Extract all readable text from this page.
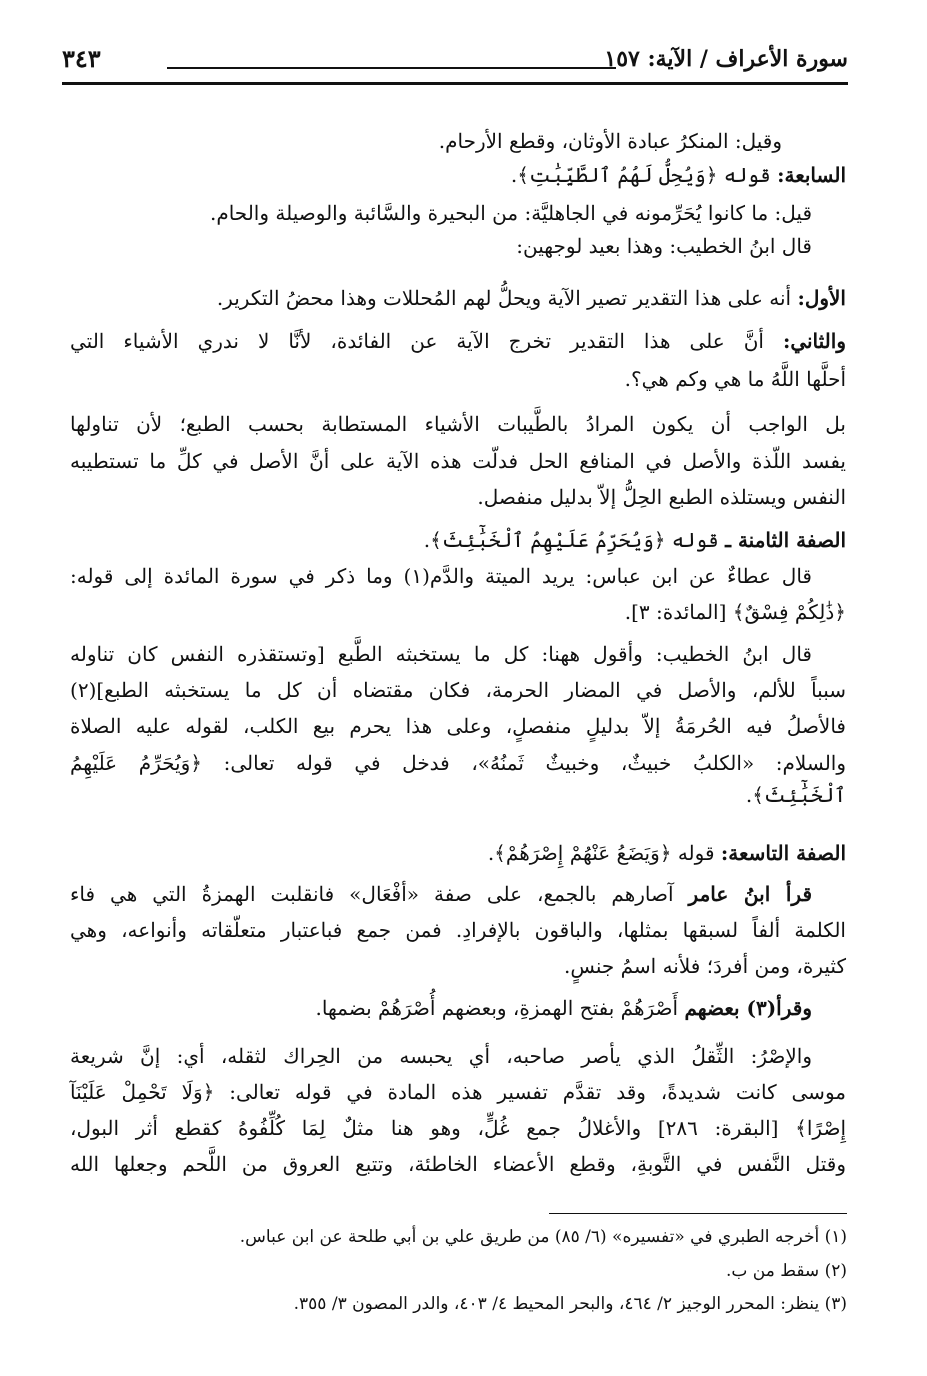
سورة الأعراف / الآية: ١٥٧
٣٤٣
وقيل: المنكرُ عبادة الأوثان، وقطع الأرحام.
السابعة: قوله ﴿وَيُحِلُّ لَهُمُ ٱلطَّيِّبَٰتِ﴾.
قيل: ما كانوا يُحَرِّمونه في الجاهليَّة: من البحيرة والسَّائبة والوصيلة والحام.
قال ابنُ الخطيب: وهذا بعيد لوجهين:
الأول: أنه على هذا التقدير تصير الآية ويحلُّ لهم المُحللات وهذا محضُ التكرير.
والثاني: أنَّ على هذا التقدير تخرج الآية عن الفائدة، لأنَّا لا ندري الأشياء التي
أحلَّها اللَّهُ ما هي وكم هي؟.
بل الواجب أن يكون المرادُ بالطَّيبات الأشياء المستطابة بحسب الطبع؛ لأن تناولها
يفسد اللّذة والأصل في المنافع الحل فدلّت هذه الآية على أنَّ الأصل في كلِّ ما تستطيبه
النفس ويستلذه الطبع الحِلُّ إلاّ بدليل منفصل.
الصفة الثامنة ـ قوله ﴿وَيُحَرِّمُ عَلَيْهِمُ ٱلْخَبَٰٓئِثَ﴾.
قال عطاءٌ عن ابن عباس: يريد الميتة والدَّم(١) وما ذكر في سورة المائدة إلى قوله:
﴿ذَٰلِكُمْ فِسْقٌ﴾ [المائدة: ٣].
قال ابنُ الخطيب: وأقول ههنا: كل ما يستخبثه الطَّبع [وتستقذره النفس كان تناوله
سبباً للألم، والأصل في المضار الحرمة، فكان مقتضاه أن كل ما يستخبثه الطبع](٢)
فالأصلُ فيه الحُرمَةُ إلاّ بدليلٍ منفصلٍ، وعلى هذا يحرم بيع الكلب، لقوله عليه الصلاة
والسلام: «الكلبُ خبيثٌ، وخبيثٌ ثَمنُهُ»، فدخل في قوله تعالى: ﴿وَيُحَرِّمُ عَلَيْهِمُ
ٱلْخَبَٰٓئِثَ﴾.
الصفة التاسعة: قوله ﴿وَيَضَعُ عَنْهُمْ إِصْرَهُمْ﴾.
قرأ ابنُ عامر آصارهم بالجمع، على صفة «أفْعَال» فانقلبت الهمزةُ التي هي فاء
الكلمة ألفاً لسبقها بمثلها، والباقون بالإفرادِ. فمن جمع فباعتبار متعلّقاته وأنواعه، وهي
كثيرة، ومن أفردَ؛ فلأنه اسمُ جنسٍ.
وقرأ(٣) بعضهم أَصْرَهُمْ بفتح الهمزةِ، وبعضهم أُصْرَهُمْ بضمها.
والإصْرُ: الثِّقلُ الذي يأصر صاحبه، أي يحبسه من الحِراك لثقله، أي: إنَّ شريعة
موسى كانت شديدةً، وقد تقدَّم تفسير هذه المادة في قوله تعالى: ﴿وَلَا تَحْمِلْ عَلَيْنَآ
إِصْرًا﴾ [البقرة: ٢٨٦] والأغلالُ جمع غُلٍّ، وهو هنا مثلٌ لِمَا كُلِّفُوهُ كقطع أثر البول،
وقتل النَّفس في التَّوبةِ، وقطع الأعضاء الخاطئة، وتتبع العروق من اللَّحم وجعلها الله
(١) أخرجه الطبري في «تفسيره» (٦/ ٨٥) من طريق علي بن أبي طلحة عن ابن عباس.
(٢) سقط من ب.
(٣) ينظر: المحرر الوجيز ٢/ ٤٦٤، والبحر المحيط ٤/ ٤٠٣، والدر المصون ٣/ ٣٥٥.
